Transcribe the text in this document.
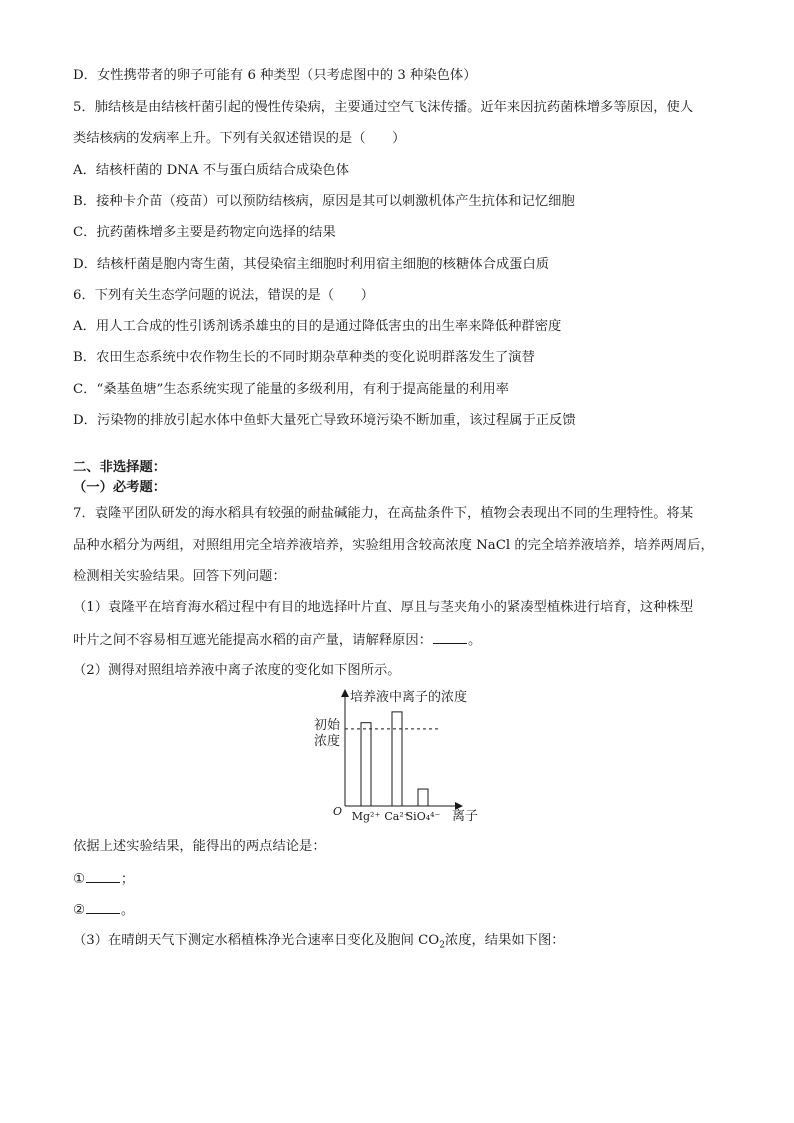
D．女性携带者的卵子可能有 6 种类型（只考虑图中的 3 种染色体）
5．肺结核是由结核杆菌引起的慢性传染病，主要通过空气飞沫传播。近年来因抗药菌株增多等原因，使人
类结核病的发病率上升。下列有关叙述错误的是（　　）
A．结核杆菌的 DNA 不与蛋白质结合成染色体
B．接种卡介苗（疫苗）可以预防结核病，原因是其可以刺激机体产生抗体和记忆细胞
C．抗药菌株增多主要是药物定向选择的结果
D．结核杆菌是胞内寄生菌，其侵染宿主细胞时利用宿主细胞的核糖体合成蛋白质
6．下列有关生态学问题的说法，错误的是（　　）
A．用人工合成的性引诱剂诱杀雄虫的目的是通过降低害虫的出生率来降低种群密度
B．农田生态系统中农作物生长的不同时期杂草种类的变化说明群落发生了演替
C．“桑基鱼塘”生态系统实现了能量的多级利用，有利于提高能量的利用率
D．污染物的排放引起水体中鱼虾大量死亡导致环境污染不断加重，该过程属于正反馈
二、非选择题：
（一）必考题：
7．袁隆平团队研发的海水稻具有较强的耐盐碱能力，在高盐条件下，植物会表现出不同的生理特性。将某
品种水稻分为两组，对照组用完全培养液培养，实验组用含较高浓度 NaCl 的完全培养液培养，培养两周后，
检测相关实验结果。回答下列问题：
（1）袁隆平在培育海水稻过程中有目的地选择叶片直、厚且与茎夹角小的紧凑型植株进行培育，这种株型
叶片之间不容易相互遮光能提高水稻的亩产量，请解释原因：	。
（2）测得对照组培养液中离子浓度的变化如下图所示。
培养液中离子的浓度
初始
浓度
O	离子
Mg²⁺ Ca²⁺
SiO₄⁴⁻
依据上述实验结果，能得出的两点结论是：
①	；
②	。
（3）在晴朗天气下测定水稻植株净光合速率日变化及胞间 $CO_2$浓度，结果如下图：
